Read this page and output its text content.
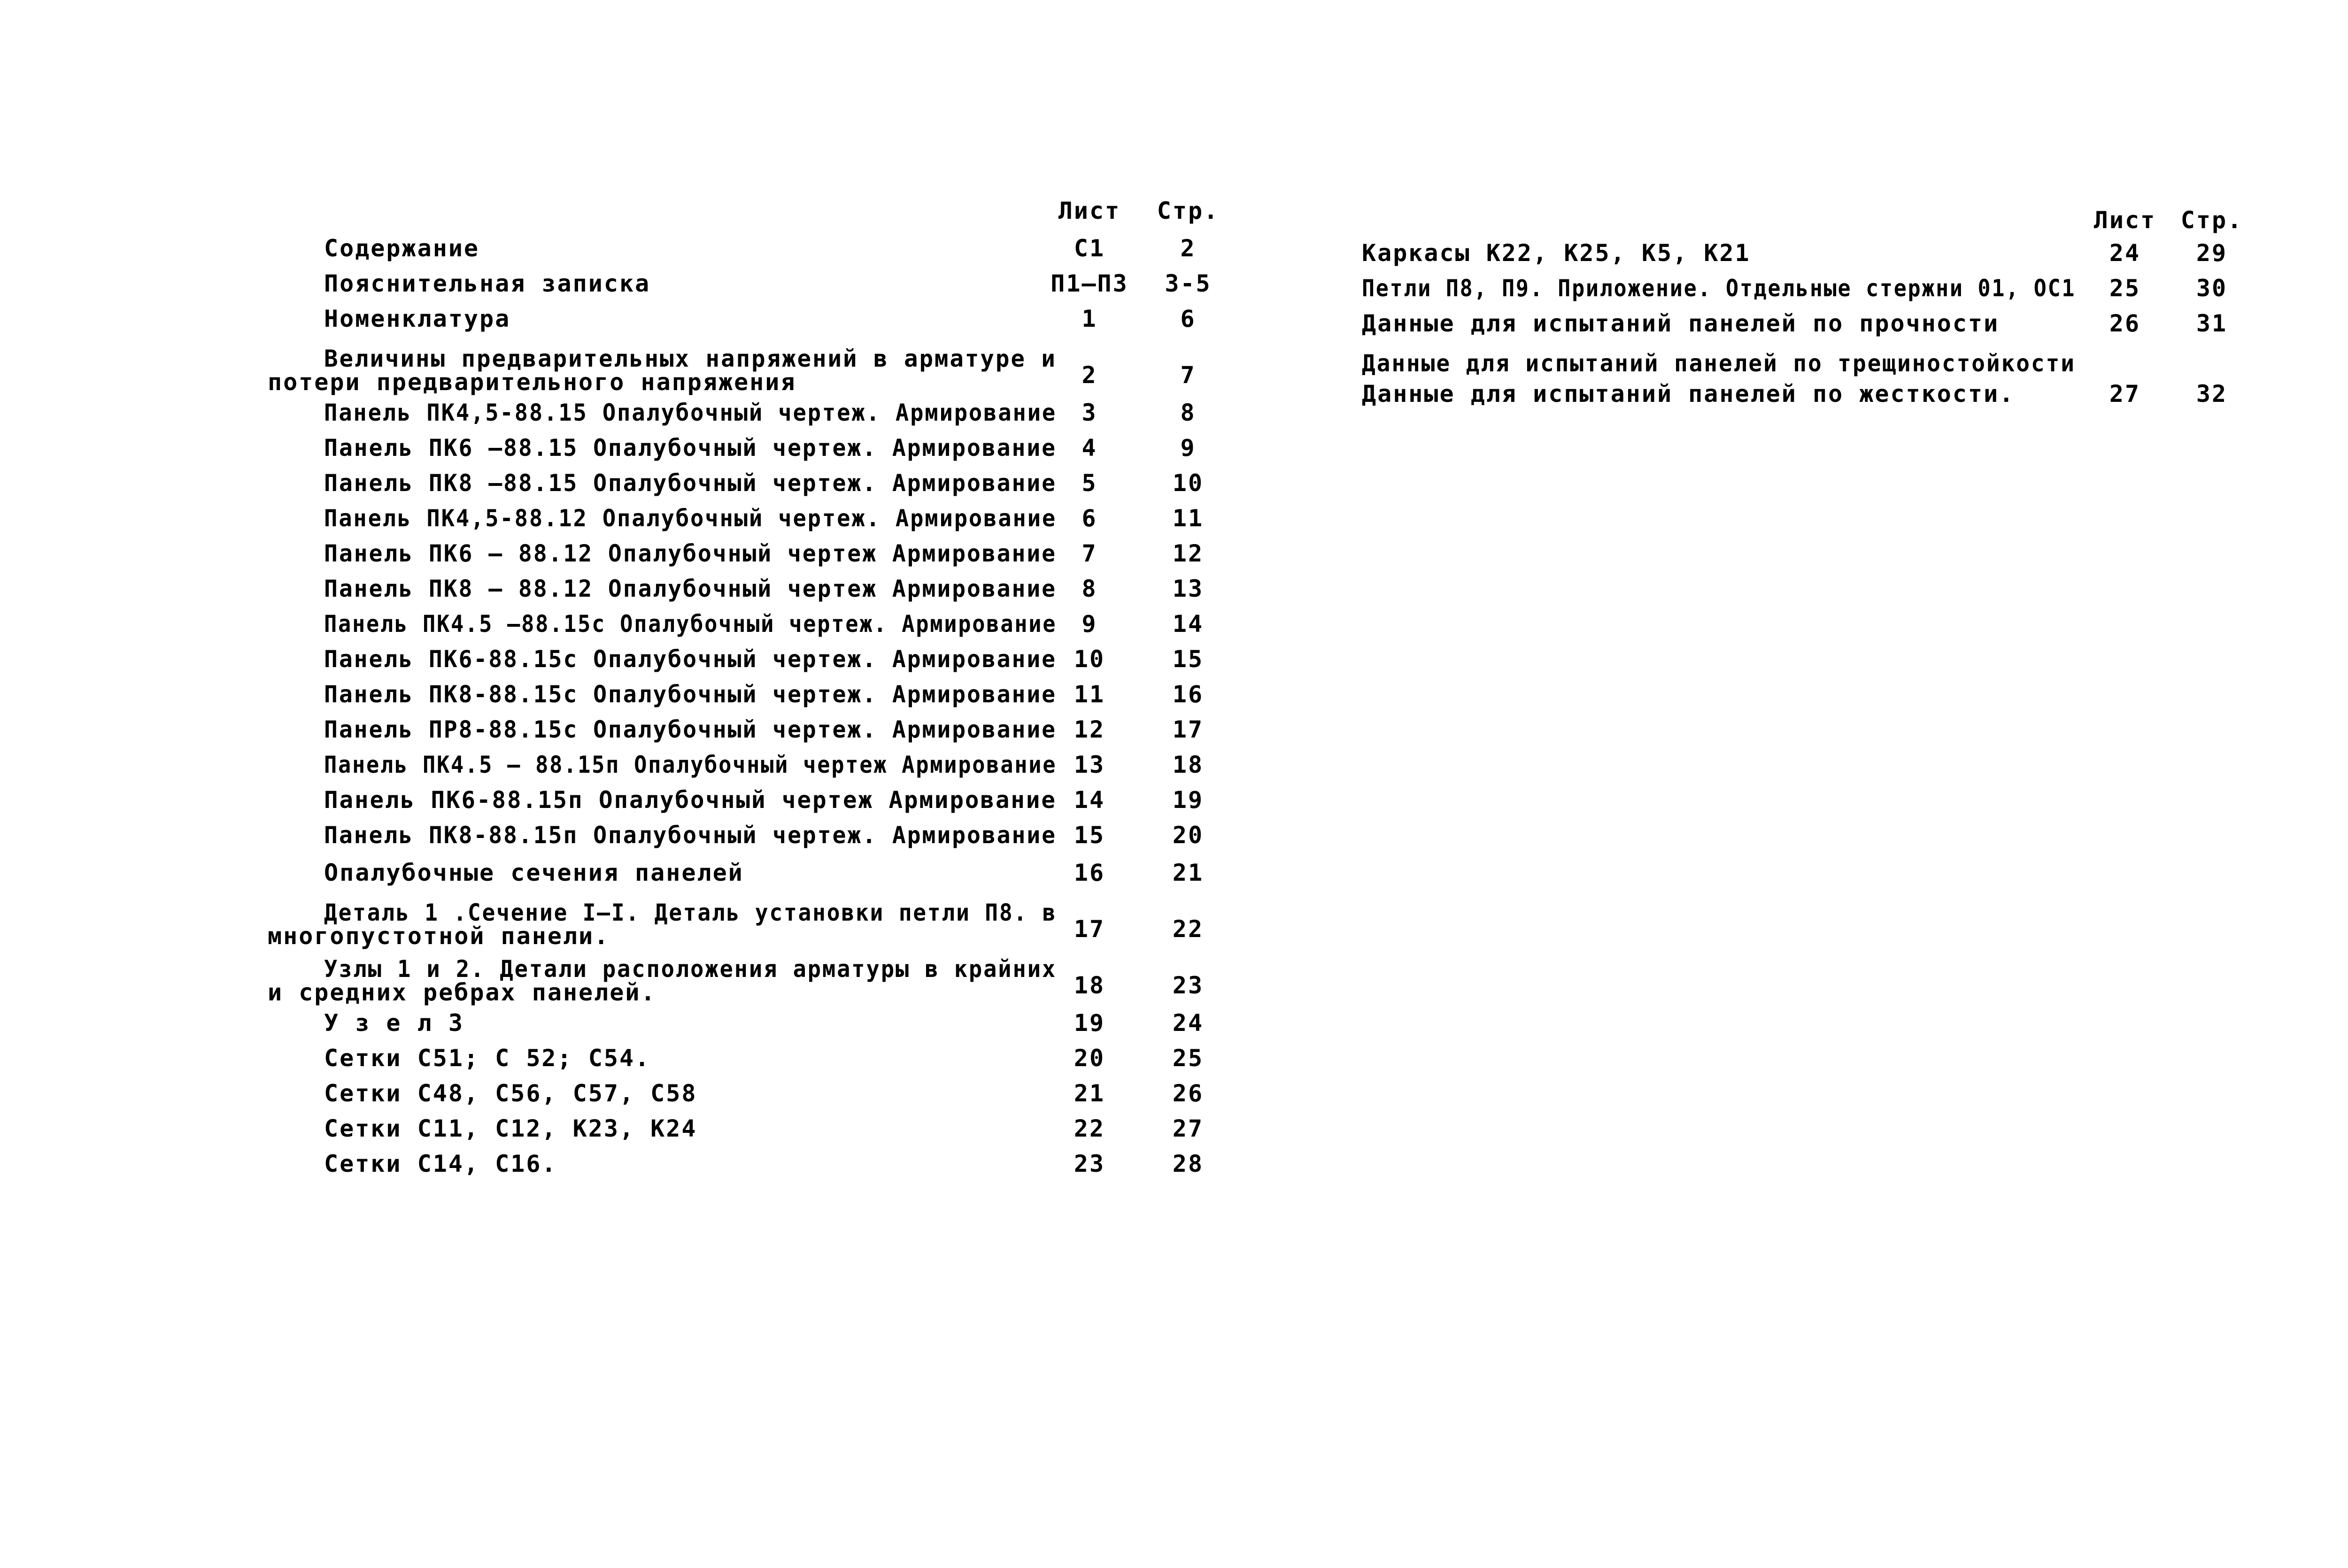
Лист	Стр.
Содержание	С1	2
Пояснительная записка	П1–П3	3-5
Номенклатура	1	6
Величины предварительных напряжений в арматуре и
потери предварительного напряжения	2	7
Панель ПК4,5-88.15 Опалубочный чертеж. Армирование	3	8
Панель ПК6 –88.15 Опалубочный чертеж. Армирование	4	9
Панель ПК8 –88.15 Опалубочный чертеж. Армирование	5	10
Панель ПК4,5-88.12 Опалубочный чертеж. Армирование	6	11
Панель ПК6 – 88.12 Опалубочный чертеж Армирование	7	12
Панель ПК8 – 88.12 Опалубочный чертеж Армирование	8	13
Панель ПК4.5 –88.15с Опалубочный чертеж. Армирование	9	14
Панель ПК6-88.15с Опалубочный чертеж. Армирование 10	15
Панель ПК8-88.15с Опалубочный чертеж. Армирование 11	16
Панель ПР8-88.15с Опалубочный чертеж. Армирование 12	17
Панель ПК4.5 – 88.15п Опалубочный чертеж Армирование 13	18
Панель ПК6-88.15п Опалубочный чертеж Армирование 14	19
Панель ПК8-88.15п Опалубочный чертеж. Армирование 15	20
Опалубочные сечения панелей	16	21
Деталь 1 .Сечение I–I. Деталь установки петли П8. в
многопустотной панели.	17	22
Узлы 1 и 2. Детали расположения арматуры в крайних
и средних ребрах панелей.	18	23
У з е л 3	19	24
Сетки С51; С 52; С54.	20	25
Сетки С48, С56, С57, С58	21	26
Сетки С11, С12, К23, К24	22	27
Сетки С14, С16.	23	28
Лист	Стр.
Каркасы К22, К25, К5, К21	24	29
Петли П8, П9. Приложение. Отдельные стержни 01, ОС1	25	30
Данные для испытаний панелей по прочности	26	31
Данные для испытаний панелей по трещиностойкости
Данные для испытаний панелей по жесткости.	27	32
